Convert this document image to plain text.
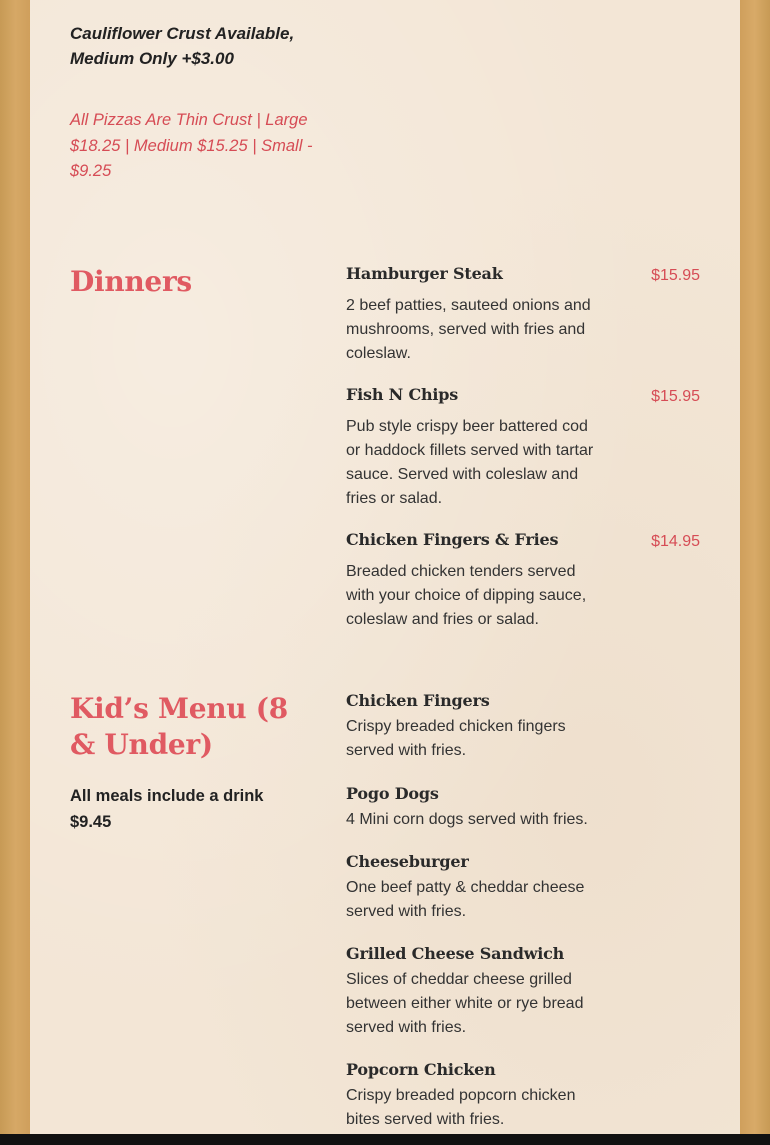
Cauliflower Crust Available, Medium Only +$3.00
All Pizzas Are Thin Crust | Large $18.25 | Medium $15.25 | Small - $9.25
Dinners	Hamburger Steak
2 beef patties, sauteed onions and mushrooms, served with fries and coleslaw.
$15.95
Fish N Chips
Pub style crispy beer battered cod or haddock fillets served with tartar sauce. Served with coleslaw and fries or salad.
$15.95
Chicken Fingers & Fries
Breaded chicken tenders served with your choice of dipping sauce, coleslaw and fries or salad.
$14.95
Kid’s Menu (8 & Under)
All meals include a drink $9.45
Chicken Fingers
Crispy breaded chicken fingers served with fries.
Pogo Dogs
4 Mini corn dogs served with fries.
Cheeseburger
One beef patty & cheddar cheese served with fries.
Grilled Cheese Sandwich
Slices of cheddar cheese grilled between either white or rye bread served with fries.
Popcorn Chicken
Crispy breaded popcorn chicken bites served with fries.
